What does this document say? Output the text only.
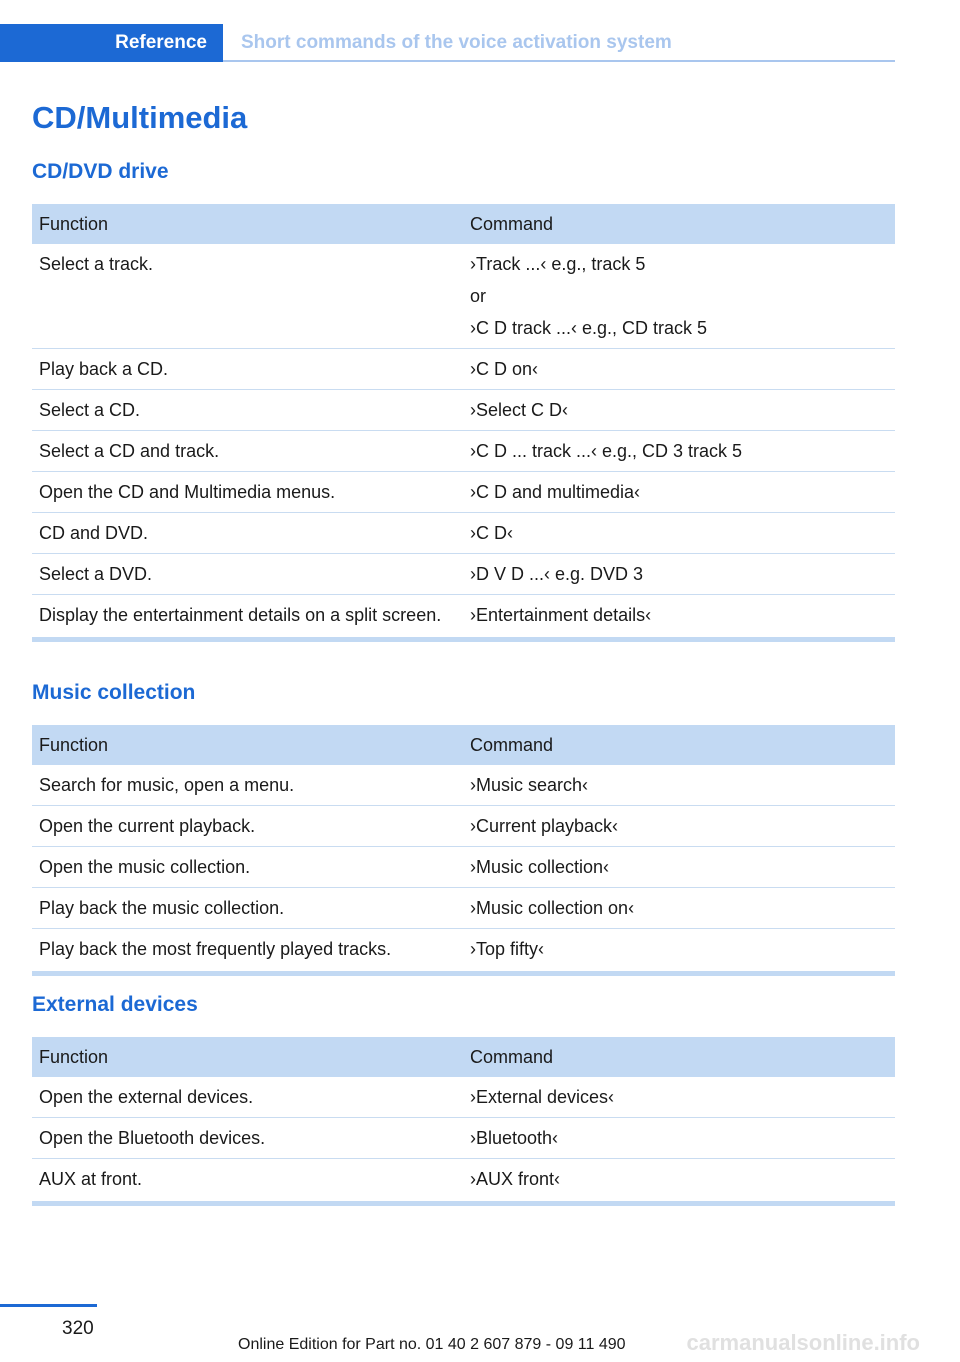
Reference	Short commands of the voice activation system
CD/Multimedia
CD/DVD drive
Function	Command
Select a track.	›Track ...‹ e.g., track 5
or
›C D track ...‹ e.g., CD track 5

Play back a CD.	›C D on‹

Select a CD.	›Select C D‹

Select a CD and track.	›C D ... track ...‹ e.g., CD 3 track 5

Open the CD and Multimedia menus.	›C D and multimedia‹

CD and DVD.	›C D‹

Select a DVD.	›D V D ...‹ e.g. DVD 3

Display the entertainment details on a split screen.	›Entertainment details‹
Music collection
Function	Command
Search for music, open a menu.	›Music search‹

Open the current playback.	›Current playback‹

Open the music collection.	›Music collection‹

Play back the music collection.	›Music collection on‹

Play back the most frequently played tracks.	›Top fifty‹
External devices
Function	Command
Open the external devices.	›External devices‹

Open the Bluetooth devices.	›Bluetooth‹

AUX at front.	›AUX front‹
320
Online Edition for Part no. 01 40 2 607 879 - 09 11 490	carmanualsonline.info
